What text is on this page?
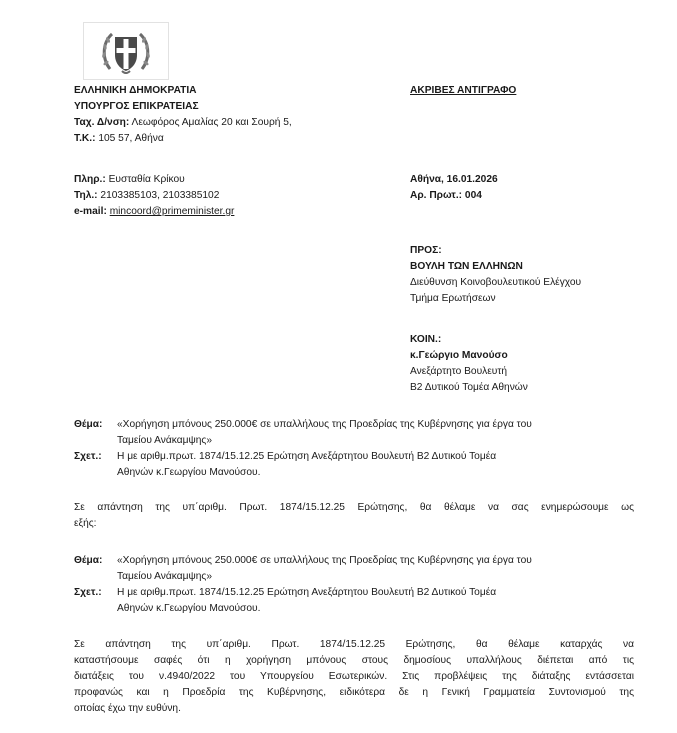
ΕΛΛΗΝΙΚΗ ΔΗΜΟΚΡΑΤΙΑ
ΥΠΟΥΡΓΟΣ ΕΠΙΚΡΑΤΕΙΑΣ
Ταχ. Δ/νση: Λεωφόρος Αμαλίας 20 και Σουρή 5,
Τ.Κ.: 105 57, Αθήνα
ΑΚΡΙΒΕΣ ΑΝΤΙΓΡΑΦΟ
Πληρ.: Ευσταθία Κρίκου
Τηλ.: 2103385103, 2103385102
e-mail: mincoord@primeminister.gr
Αθήνα, 16.01.2026
Αρ. Πρωτ.: 004
ΠΡΟΣ:
ΒΟΥΛΗ ΤΩΝ ΕΛΛΗΝΩΝ
Διεύθυνση Κοινοβουλευτικού Ελέγχου
Τμήμα Ερωτήσεων
ΚΟΙΝ.:
κ.Γεώργιο Μανούσο
Ανεξάρτητο Βουλευτή
Β2 Δυτικού Τομέα Αθηνών
Θέμα: «Χορήγηση μπόνους 250.000€ σε υπαλλήλους της Προεδρίας της Κυβέρνησης για έργα του
Ταμείου Ανάκαμψης»
Σχετ.: Η με αριθμ.πρωτ. 1874/15.12.25 Ερώτηση Ανεξάρτητου Βουλευτή Β2 Δυτικού Τομέα
Αθηνών κ.Γεωργίου Μανούσου.
Σε απάντηση της υπ΄αριθμ. Πρωτ. 1874/15.12.25 Ερώτησης, θα θέλαμε να σας ενημερώσουμε ως
εξής:
Θέμα: «Χορήγηση μπόνους 250.000€ σε υπαλλήλους της Προεδρίας της Κυβέρνησης για έργα του
Ταμείου Ανάκαμψης»
Σχετ.: Η με αριθμ.πρωτ. 1874/15.12.25 Ερώτηση Ανεξάρτητου Βουλευτή Β2 Δυτικού Τομέα
Αθηνών κ.Γεωργίου Μανούσου.
Σε απάντηση της υπ΄αριθμ. Πρωτ. 1874/15.12.25 Ερώτησης, θα θέλαμε καταρχάς να
καταστήσουμε σαφές ότι η χορήγηση μπόνους στους δημοσίους υπαλλήλους διέπεται από τις
διατάξεις του ν.4940/2022 του Υπουργείου Εσωτερικών. Στις προβλέψεις της διάταξης εντάσσεται
προφανώς και η Προεδρία της Κυβέρνησης, ειδικότερα δε η Γενική Γραμματεία Συντονισμού της
οποίας έχω την ευθύνη.
